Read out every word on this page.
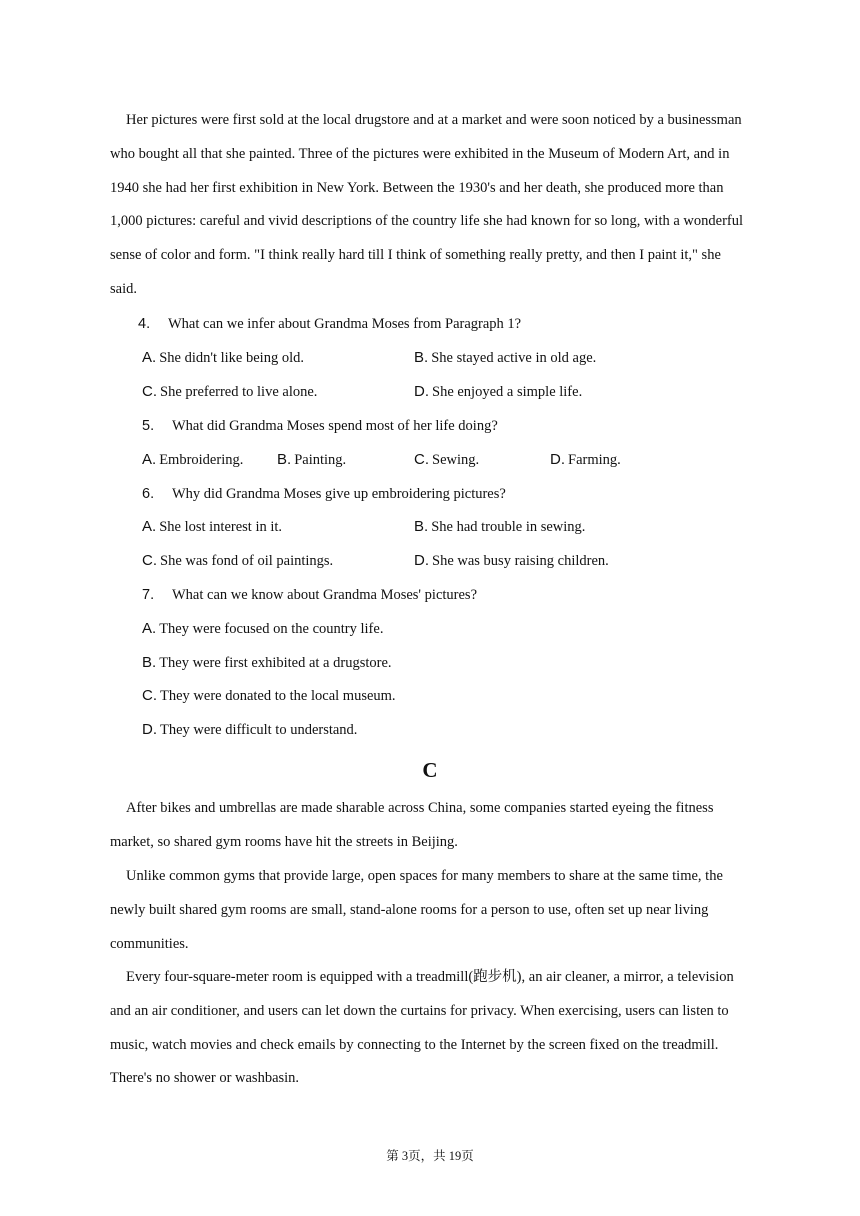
Her pictures were first sold at the local drugstore and at a market and were soon noticed by a businessman who bought all that she painted. Three of the pictures were exhibited in the Museum of Modern Art, and in 1940 she had her first exhibition in New York. Between the 1930's and her death, she produced more than 1,000 pictures: careful and vivid descriptions of the country life she had known for so long, with a wonderful sense of color and form. "I think really hard till I think of something really pretty, and then I paint it," she said.

4. What can we infer about Grandma Moses from Paragraph 1?
A. She didn't like being old.	B. She stayed active in old age.
C. She preferred to live alone.	D. She enjoyed a simple life.
5. What did Grandma Moses spend most of her life doing?
A. Embroidering. B. Painting.	C. Sewing.	D. Farming.
6. Why did Grandma Moses give up embroidering pictures?
A. She lost interest in it.	B. She had trouble in sewing.
C. She was fond of oil paintings.	D. She was busy raising children.
7. What can we know about Grandma Moses' pictures?
A. They were focused on the country life.
B. They were first exhibited at a drugstore.
C. They were donated to the local museum.
D. They were difficult to understand.
C

After bikes and umbrellas are made sharable across China, some companies started eyeing the fitness market, so shared gym rooms have hit the streets in Beijing.

Unlike common gyms that provide large, open spaces for many members to share at the same time, the newly built shared gym rooms are small, stand-alone rooms for a person to use, often set up near living communities.

Every four-square-meter room is equipped with a treadmill(跑步机), an air cleaner, a mirror, a television and an air conditioner, and users can let down the curtains for privacy. When exercising, users can listen to music, watch movies and check emails by connecting to the Internet by the screen fixed on the treadmill. There's no shower or washbasin.

第 3页，共 19页
